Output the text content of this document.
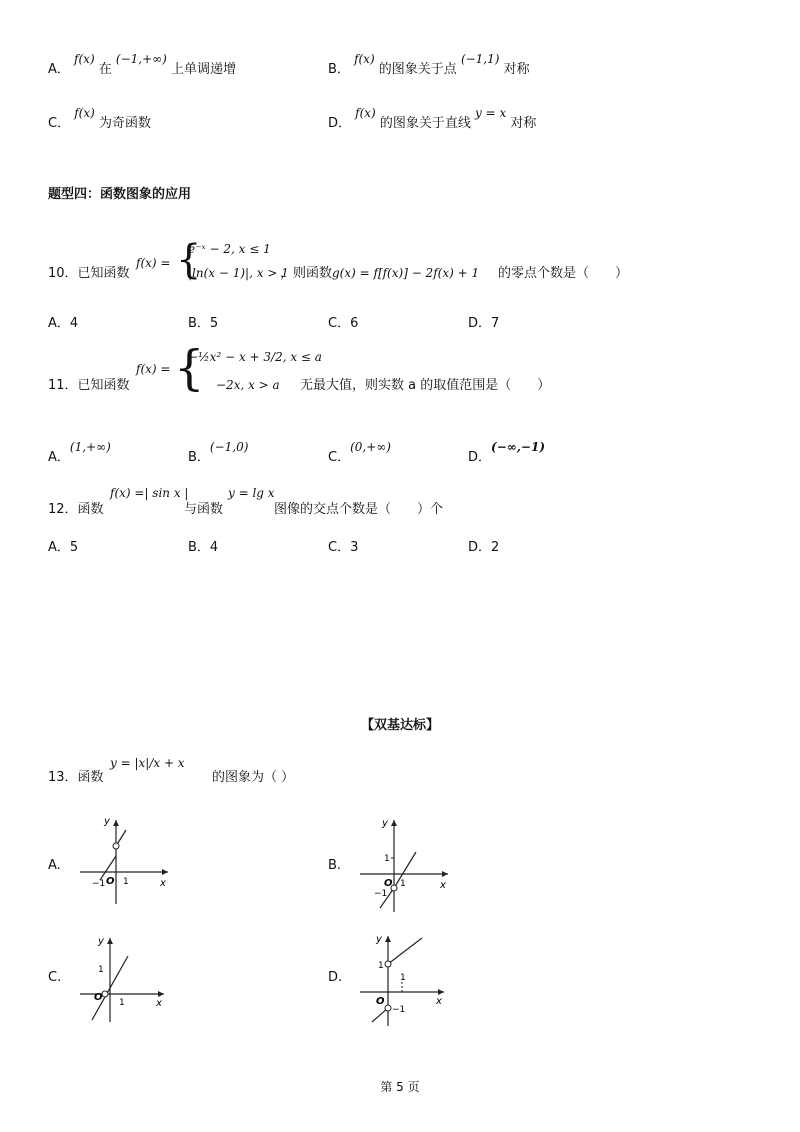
A． f(x) 在 (−1,+∞) 上单调递增	B． f(x) 的图象关于点 (−1,1) 对称
C． f(x) 为奇函数	D． f(x) 的图象关于直线 y = x 对称
题型四：函数图象的应用
10．已知函数
f(x) = {
e⁻ˣ − 2, x ≤ 1
|ln(x − 1)|, x > 1
，则函数 g(x) = f[f(x)] − 2f(x) + 1 的零点个数是（　　）
A．4	B．5	C．6	D．7
11．已知函数
f(x) = {
−½x² − x + 3/2, x ≤ a
−2x, x > a 无最大值，则实数 a 的取值范围是（　　）
A．(1,+∞)
B．(−1,0)
C．(0,+∞)
D．(−∞,−1)
12．函数
f(x) =| sin x |
与函数
y = lg x
图像的交点个数是（　　）个
A．5	B．4	C．3	D．2
【双基达标】
13．函数
y = |x|/x + x
的图象为（ ）
A.	B.
C.	D.
y
x
O 1
−1
y
x
O 1
1
−1
y
x
O 1
1
y
x
O
1
1
−1
第 5 页
